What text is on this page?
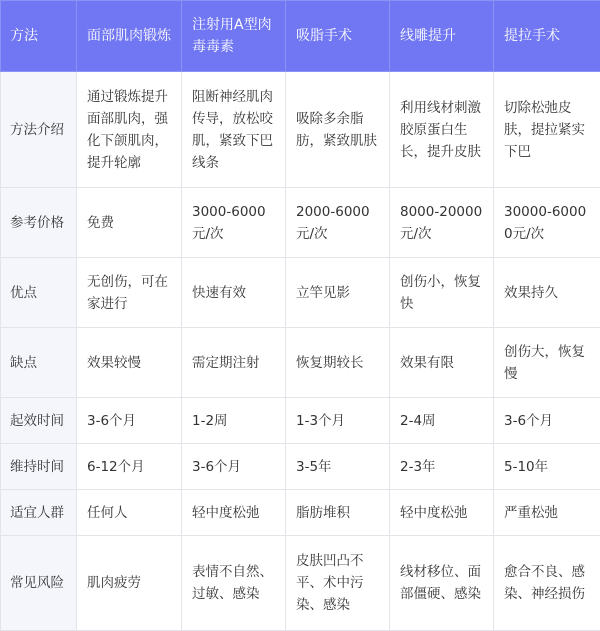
方法	面部肌肉锻炼	注射用A型肉毒毒素	吸脂手术	线雕提升	提拉手术
方法介绍	通过锻炼提升面部肌肉，强化下颌肌肉，提升轮廓	阻断神经肌肉传导，放松咬肌，紧致下巴线条	吸除多余脂肪，紧致肌肤	利用线材刺激胶原蛋白生长，提升皮肤	切除松弛皮肤，提拉紧实下巴
参考价格	免费	3000-6000元/次	2000-6000元/次	8000-20000元/次	30000-60000元/次
优点	无创伤，可在家进行	快速有效	立竿见影	创伤小，恢复快	效果持久
缺点	效果较慢	需定期注射	恢复期较长	效果有限	创伤大，恢复慢
起效时间	3-6个月	1-2周	1-3个月	2-4周	3-6个月
维持时间	6-12个月	3-6个月	3-5年	2-3年	5-10年
适宜人群	任何人	轻中度松弛	脂肪堆积	轻中度松弛	严重松弛
常见风险	肌肉疲劳	表情不自然、过敏、感染	皮肤凹凸不平、术中污染、感染	线材移位、面部僵硬、感染	愈合不良、感染、神经损伤
